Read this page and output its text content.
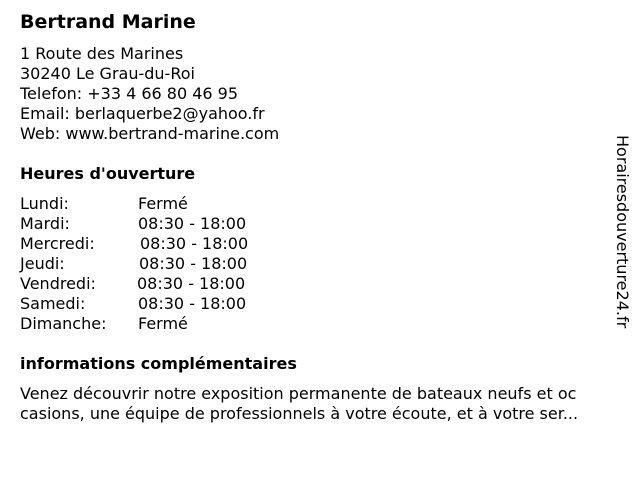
Bertrand Marine
1 Route des Marines
30240 Le Grau-du-Roi
Telefon: +33 4 66 80 46 95
Email: berlaquerbe2@yahoo.fr
Web: www.bertrand-marine.com
Heures d'ouverture
Lundi:	Fermé
Mardi:	08:30 - 18:00
Mercredi:	08:30 - 18:00
Jeudi:	08:30 - 18:00
Vendredi:	08:30 - 18:00
Samedi:	08:30 - 18:00
Dimanche: Fermé
informations complémentaires
Venez découvrir notre exposition permanente de bateaux neufs et oc
casions, une équipe de professionnels à votre écoute, et à votre ser...
Horairesdouverture24.fr
